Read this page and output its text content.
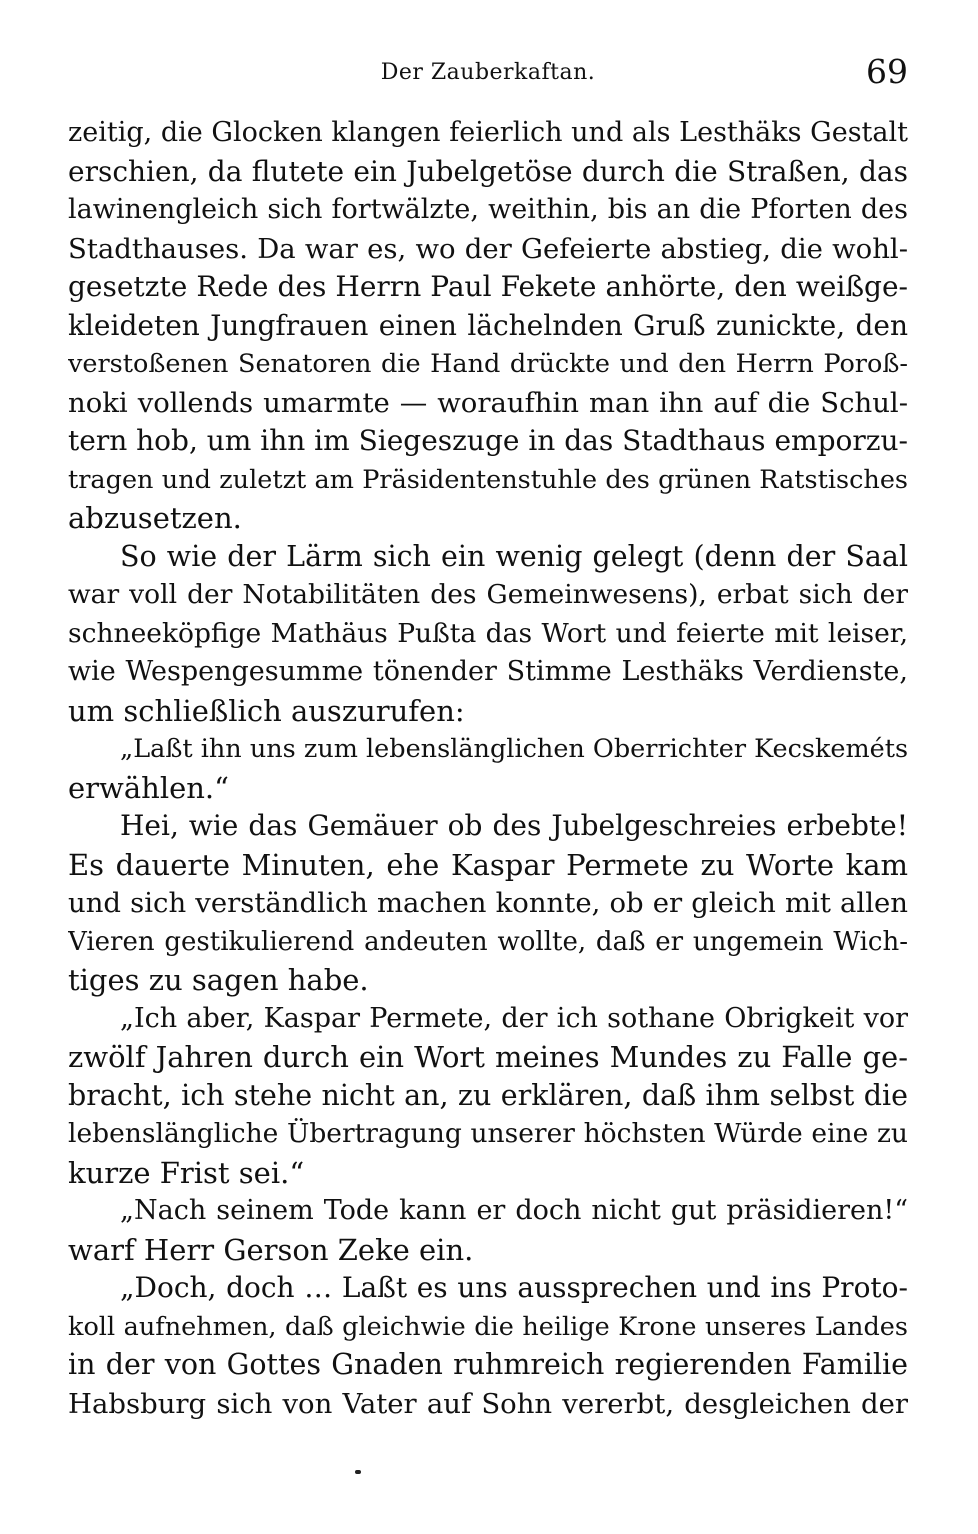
Der Zauberkaftan.	69
zeitig, die Glocken klangen feierlich und als Lesthäks Gestalt
erschien, da flutete ein Jubelgetöse durch die Straßen, das
lawinengleich sich fortwälzte, weithin, bis an die Pforten des
Stadthauses. Da war es, wo der Gefeierte abstieg, die wohl-
gesetzte Rede des Herrn Paul Fekete anhörte, den weißge-
kleideten Jungfrauen einen lächelnden Gruß zunickte, den
verstoßenen Senatoren die Hand drückte und den Herrn Poroß-
noki vollends umarmte — woraufhin man ihn auf die Schul-
tern hob, um ihn im Siegeszuge in das Stadthaus emporzu-
tragen und zuletzt am Präsidentenstuhle des grünen Ratstisches
abzusetzen.
So wie der Lärm sich ein wenig gelegt (denn der Saal
war voll der Notabilitäten des Gemeinwesens), erbat sich der
schneeköpfige Mathäus Pußta das Wort und feierte mit leiser,
wie Wespengesumme tönender Stimme Lesthäks Verdienste,
um schließlich auszurufen:
„Laßt ihn uns zum lebenslänglichen Oberrichter Kecskeméts
erwählen.“
Hei, wie das Gemäuer ob des Jubelgeschreies erbebte!
Es dauerte Minuten, ehe Kaspar Permete zu Worte kam
und sich verständlich machen konnte, ob er gleich mit allen
Vieren gestikulierend andeuten wollte, daß er ungemein Wich-
tiges zu sagen habe.
„Ich aber, Kaspar Permete, der ich sothane Obrigkeit vor
zwölf Jahren durch ein Wort meines Mundes zu Falle ge-
bracht, ich stehe nicht an, zu erklären, daß ihm selbst die
lebenslängliche Übertragung unserer höchsten Würde eine zu
kurze Frist sei.“
„Nach seinem Tode kann er doch nicht gut präsidieren!“
warf Herr Gerson Zeke ein.
„Doch, doch … Laßt es uns aussprechen und ins Proto-
koll aufnehmen, daß gleichwie die heilige Krone unseres Landes
in der von Gottes Gnaden ruhmreich regierenden Familie
Habsburg sich von Vater auf Sohn vererbt, desgleichen der
